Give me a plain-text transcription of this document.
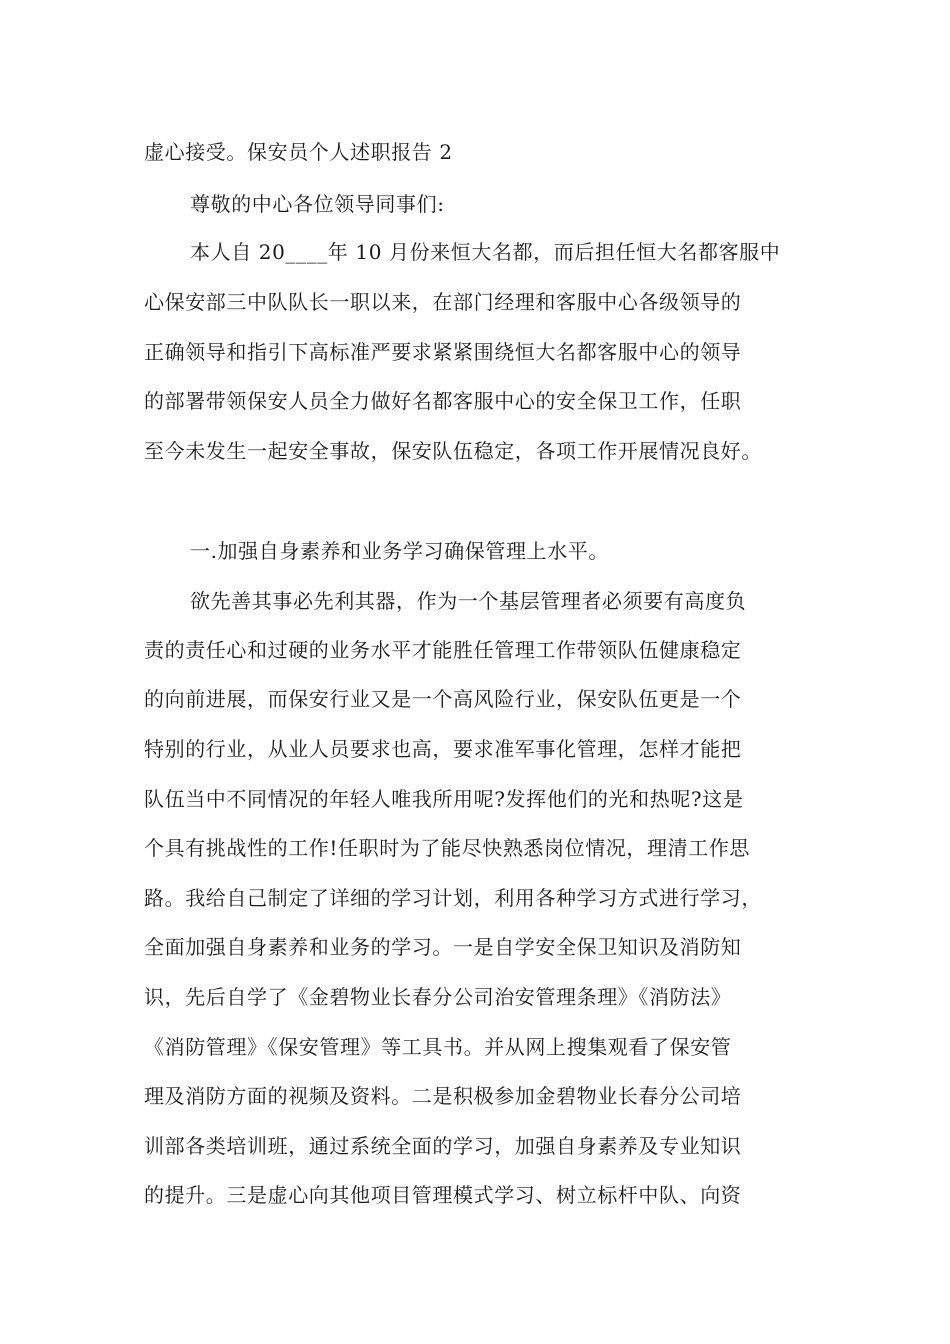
虚心接受。保安员个人述职报告 2
尊敬的中心各位领导同事们:
本人自 20____年 10 月份来恒大名都，而后担任恒大名都客服中
心保安部三中队队长一职以来，在部门经理和客服中心各级领导的
正确领导和指引下高标准严要求紧紧围绕恒大名都客服中心的领导
的部署带领保安人员全力做好名都客服中心的安全保卫工作，任职
至今未发生一起安全事故，保安队伍稳定，各项工作开展情况良好。
一.加强自身素养和业务学习确保管理上水平。
欲先善其事必先利其器，作为一个基层管理者必须要有高度负
责的责任心和过硬的业务水平才能胜任管理工作带领队伍健康稳定
的向前进展，而保安行业又是一个高风险行业，保安队伍更是一个
特别的行业，从业人员要求也高，要求准军事化管理，怎样才能把
队伍当中不同情况的年轻人唯我所用呢?发挥他们的光和热呢?这是
个具有挑战性的工作!任职时为了能尽快熟悉岗位情况，理清工作思
路。我给自己制定了详细的学习计划，利用各种学习方式进行学习，
全面加强自身素养和业务的学习。一是自学安全保卫知识及消防知
识，先后自学了《金碧物业长春分公司治安管理条理》《消防法》
《消防管理》《保安管理》等工具书。并从网上搜集观看了保安管
理及消防方面的视频及资料。二是积极参加金碧物业长春分公司培
训部各类培训班，通过系统全面的学习，加强自身素养及专业知识
的提升。三是虚心向其他项目管理模式学习、树立标杆中队、向资
